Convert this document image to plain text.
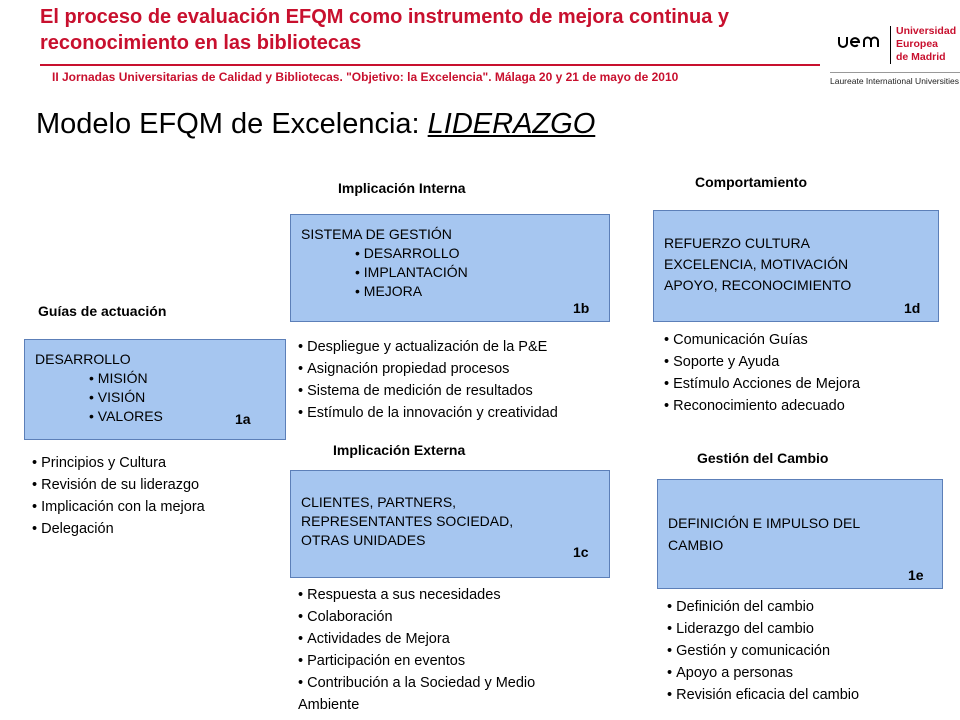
El proceso de evaluación EFQM como instrumento de mejora continua y reconocimiento en las bibliotecas
II Jornadas Universitarias de Calidad y Bibliotecas. "Objetivo: la Excelencia". Málaga 20 y 21 de mayo de 2010
Universidad
Europea
de Madrid
Laureate International Universities
Modelo EFQM de Excelencia: LIDERAZGO
Guías de actuación
DESARROLLO
• MISIÓN
• VISIÓN
• VALORES	1a
• Principios y Cultura
• Revisión de su liderazgo
• Implicación con la mejora
• Delegación
Implicación Interna
SISTEMA DE GESTIÓN
• DESARROLLO
• IMPLANTACIÓN
• MEJORA
1b
• Despliegue y actualización de la P&E
• Asignación propiedad procesos
• Sistema de medición de resultados
• Estímulo de la innovación y creatividad
Implicación Externa
CLIENTES, PARTNERS,
REPRESENTANTES SOCIEDAD,
OTRAS UNIDADES
1c
• Respuesta a sus necesidades
• Colaboración
• Actividades de Mejora
• Participación en eventos
• Contribución a la Sociedad y Medio
Ambiente
Comportamiento
REFUERZO CULTURA
EXCELENCIA, MOTIVACIÓN
APOYO, RECONOCIMIENTO
1d
• Comunicación Guías
• Soporte y Ayuda
• Estímulo Acciones de Mejora
• Reconocimiento adecuado
Gestión del Cambio
DEFINICIÓN E IMPULSO DEL
CAMBIO
1e
• Definición del cambio
• Liderazgo del cambio
• Gestión y comunicación
• Apoyo a personas
• Revisión eficacia del cambio
